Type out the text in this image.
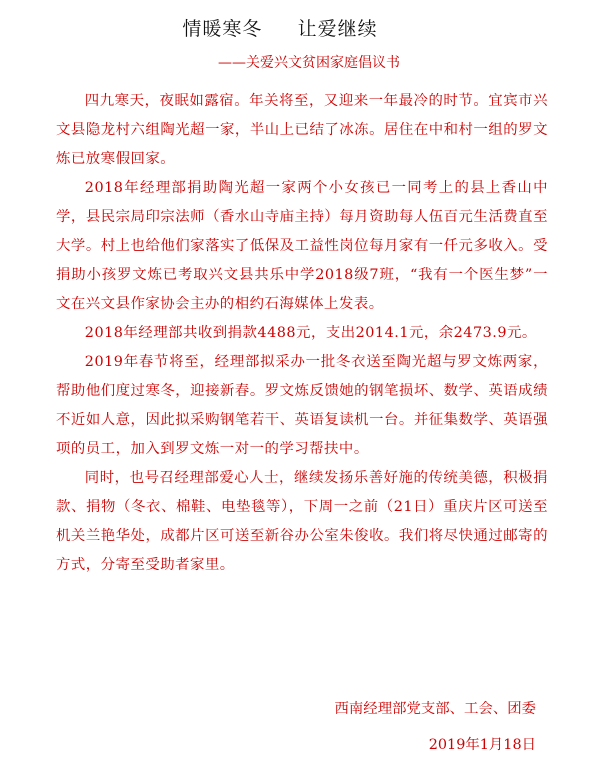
情暖寒冬     让爱继续
——关爱兴文贫困家庭倡议书

四九寒天，夜眠如露宿。年关将至，又迎来一年最冷的时节。宜宾市兴文县隐龙村六组陶光超一家，半山上已结了冰冻。居住在中和村一组的罗文炼已放寒假回家。

2018年经理部捐助陶光超一家两个小女孩已一同考上的县上香山中学，县民宗局印宗法师（香水山寺庙主持）每月资助每人伍百元生活费直至大学。村上也给他们家落实了低保及工益性岗位每月家有一仟元多收入。受捐助小孩罗文炼已考取兴文县共乐中学2018级7班，“我有一个医生梦”一文在兴文县作家协会主办的相约石海媒体上发表。

2018年经理部共收到捐款4488元，支出2014.1元，余2473.9元。

2019年春节将至，经理部拟采办一批冬衣送至陶光超与罗文炼两家，帮助他们度过寒冬，迎接新春。罗文炼反馈她的钢笔损坏、数学、英语成绩不近如人意，因此拟采购钢笔若干、英语复读机一台。并征集数学、英语强项的员工，加入到罗文炼一对一的学习帮扶中。

同时，也号召经理部爱心人士，继续发扬乐善好施的传统美德，积极捐款、捐物（冬衣、棉鞋、电垫毯等），下周一之前（21日）重庆片区可送至机关兰艳华处，成都片区可送至新谷办公室朱俊收。我们将尽快通过邮寄的方式，分寄至受助者家里。

西南经理部党支部、工会、团委
2019年1月18日
